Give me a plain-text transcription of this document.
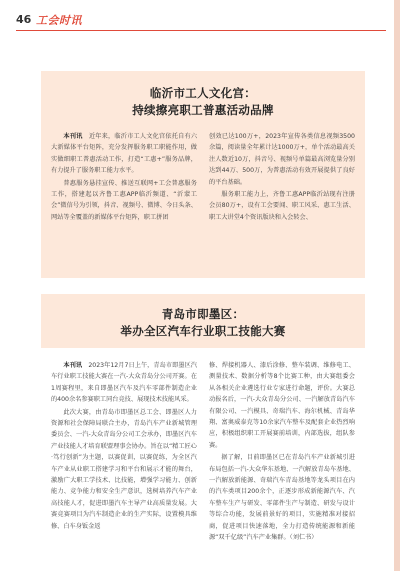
46 工会时讯
临沂市工人文化宫：
持续擦亮职工普惠活动品牌

本刊讯　 近年来，临沂市工人文化宫依托自有六大新媒体平台矩阵，充分发挥服务职工职能作用，做实做细职工普惠活动工作，打造“工惠+”服务品牌，有力提升了服务职工能力水平。

普惠服务悬挂宣传、推送互联网+工会普惠服务工作，搭建起以齐鲁工惠APP临沂频道、“沂蒙工会”微信号为引领，抖音、视频号、微博、今日头条、网站等全覆盖的新媒体平台矩阵，职工拼团

创效已达100万+，2023年宣传各类信息视频3500余篇，阅读量全年累计达1000万+，单个活动最高关注人数近10万，抖音号、视频号单篇最高浏览量分别达到44万、500万，为普惠活动有效开展提供了良好的平台基础。

服务职工能力上，齐鲁工惠APP临沂站现有注册会员80万+，设有工会要闻、职工风采、惠工生活、职工大讲堂4个资讯版块和入会转会、

青岛市即墨区：
举办全区汽车行业职工技能大赛

本刊讯　 2023年12月7日上午，青岛市即墨区汽车行业职工技能大赛在一汽-大众青岛分公司开赛。在1周赛程里，来自即墨区汽车及汽车零部件制造企业的400余名参赛职工同台竞技、展现技术技能风采。

此次大赛，由青岛市即墨区总工会、即墨区人力资源和社会保障局联合主办，青岛汽车产业新城管理委员会、一汽-大众青岛分公司工会承办，即墨区汽车产业技能人才培育联盟理事会协办。旨在以“精工匠心·笃行创新”为主题，以赛促训，以赛促练，为全区汽车产业从业职工搭建学习和平台和展示才能的舞台，激励广大职工学技术、比技能，增强学习能力、创新能力、竞争能力和安全生产意识，选树培养汽车产业高技能人才，促进即墨汽车主导产业高质量发展。大赛竞赛项目为汽车制造企业的生产实际，设置模具维修、白车身钣金返

修、焊接机器人、漆后涂修、整车装调、维修电工、测量技术、数据分析等8个比赛工种，由大赛组委会从各相关企业遴选行业专家进行命题，评价。大赛总动报名后，一汽-大众青岛分公司、一汽解放青岛汽车有限公司、一汽模具、奇瑞汽车、海尔机械、青岛华翔、富奥威泰克等10余家汽车整车及配套企业热烈响应，积极组织职工开展赛前培训，内部选拔，组队参赛。

据了解，目前即墨区已在青岛汽车产业新城引进布局包括一汽-大众华东基地、一汽解放青岛车基地、一汽解放新能源、奇瑞汽车青岛基地等龙头项目在内的汽车类项目200余个，正逐步形成新能源汽车、汽车整车生产与研发、零部件生产与制造、研发与设计等综合功能，发展前景好的项目，实施精准对接招商，促进项目快速落地，全力打造传统能源和新能源“双千亿级”汽车产业集群。（刘仁书）
